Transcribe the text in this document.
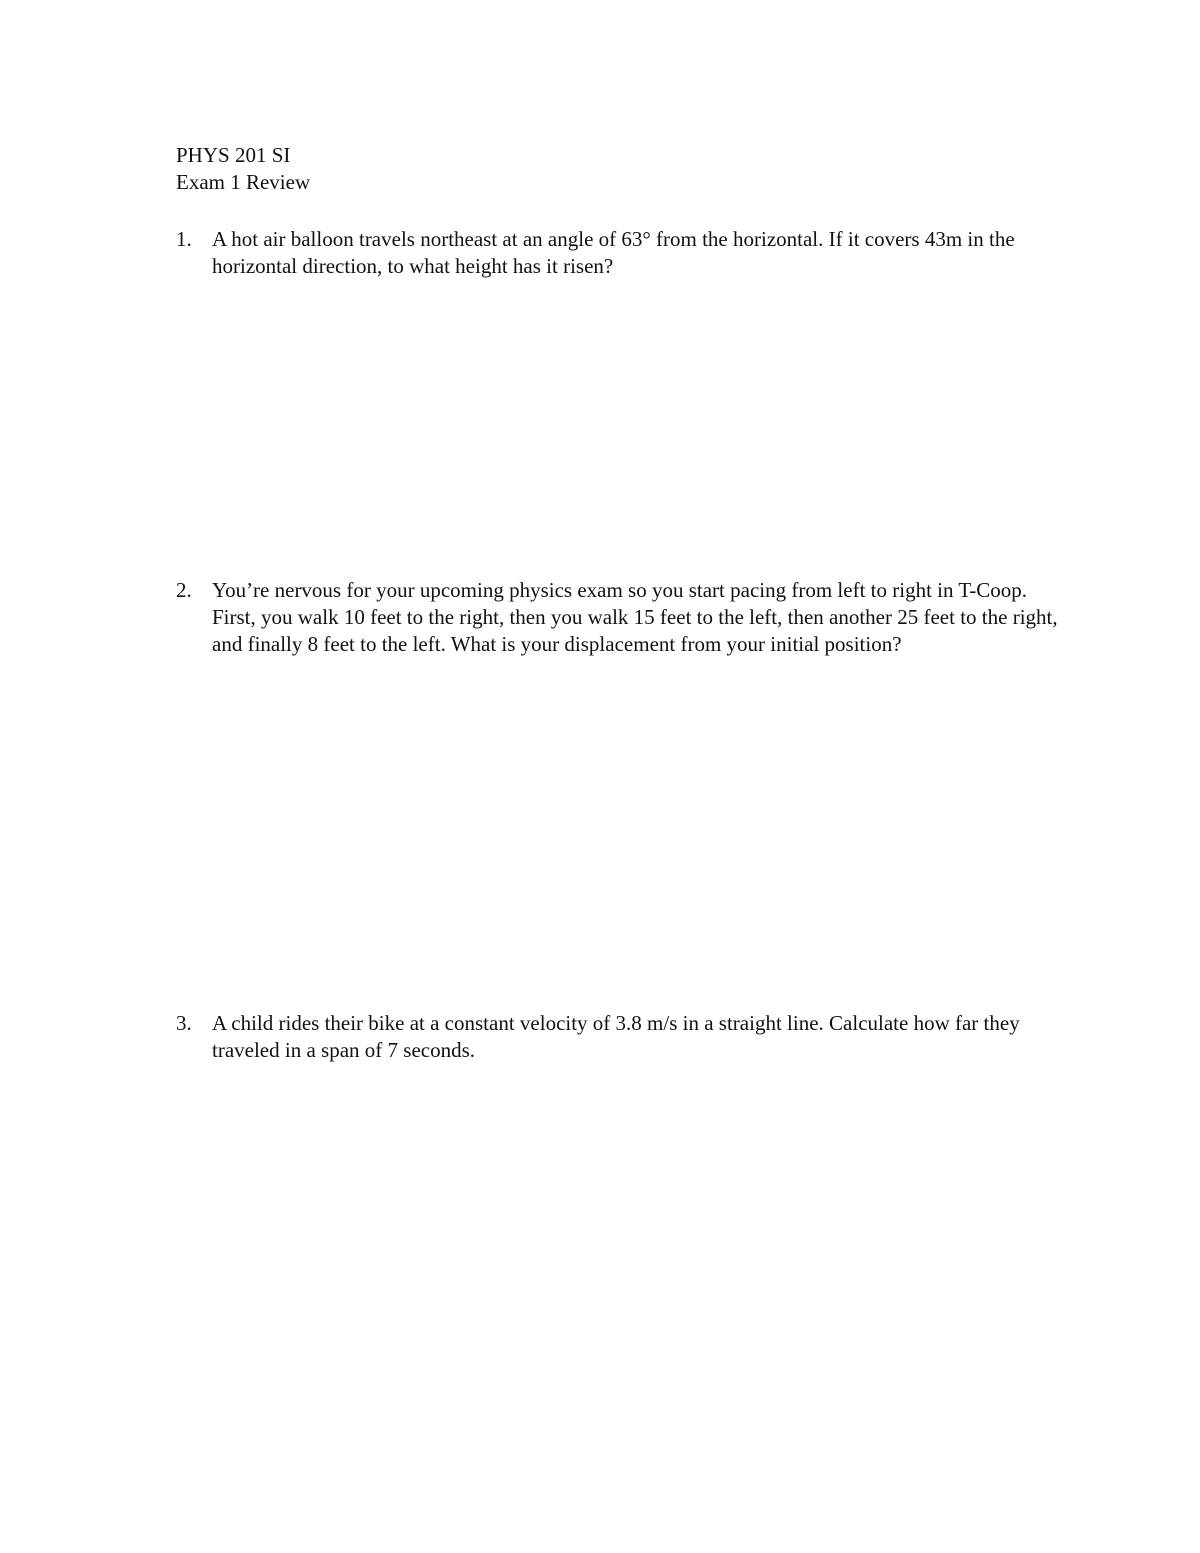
PHYS 201 SI
Exam 1 Review
1. A hot air balloon travels northeast at an angle of 63° from the horizontal. If it covers 43m in the horizontal direction, to what height has it risen?
2. You’re nervous for your upcoming physics exam so you start pacing from left to right in T-Coop. First, you walk 10 feet to the right, then you walk 15 feet to the left, then another 25 feet to the right, and finally 8 feet to the left. What is your displacement from your initial position?
3. A child rides their bike at a constant velocity of 3.8 m/s in a straight line. Calculate how far they traveled in a span of 7 seconds.
